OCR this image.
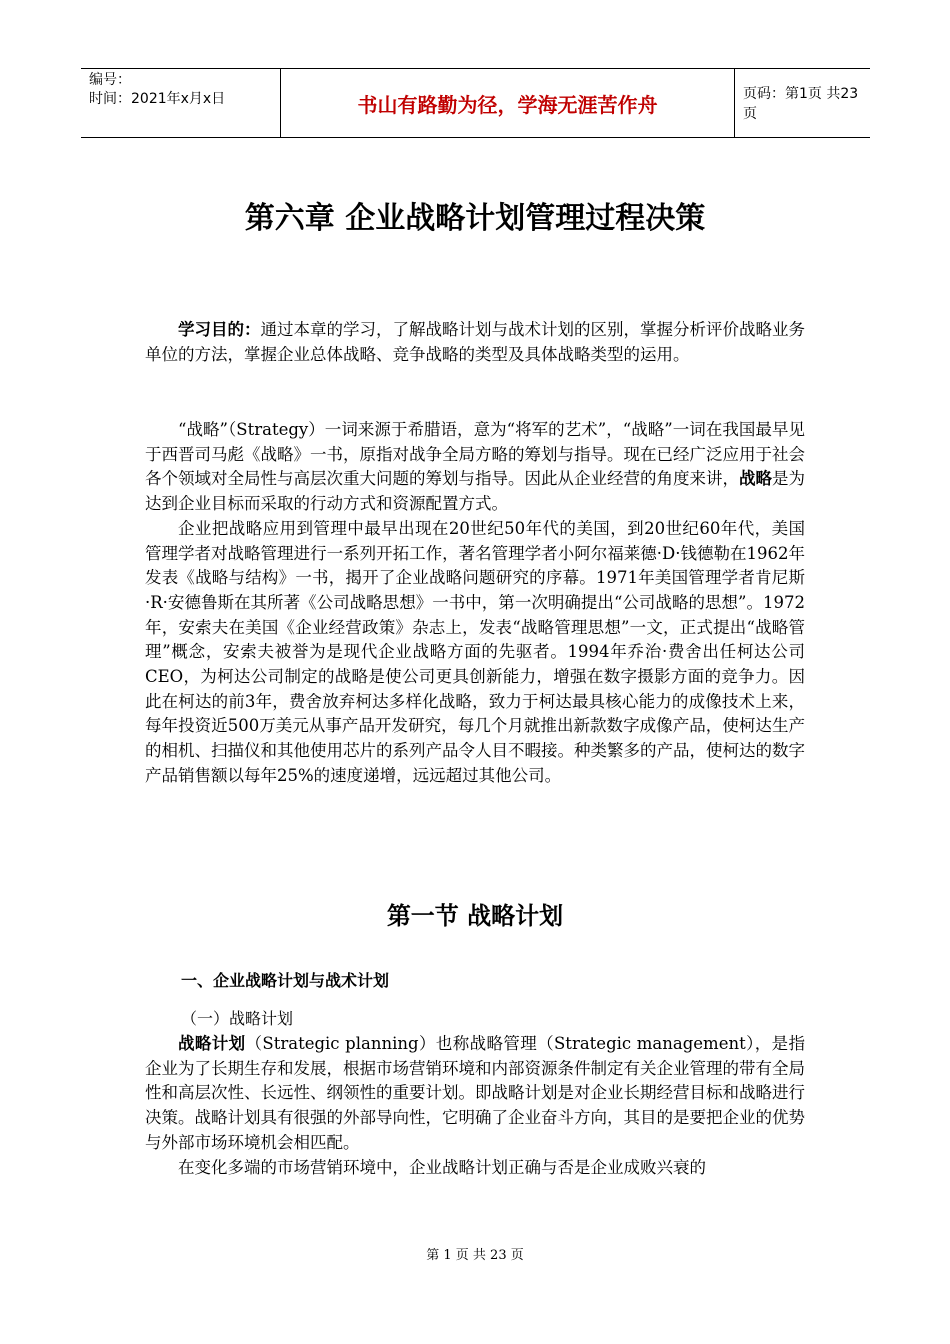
编号：
时间：2021年x月x日	书山有路勤为径，学海无涯苦作舟	页码：第1页 共23页
第六章 企业战略计划管理过程决策

学习目的：通过本章的学习，了解战略计划与战术计划的区别，掌握分析评价战略业务单位的方法，掌握企业总体战略、竞争战略的类型及具体战略类型的运用。

“战略”（Strategy）一词来源于希腊语，意为“将军的艺术”，“战略”一词在我国最早见于西晋司马彪《战略》一书，原指对战争全局方略的筹划与指导。现在已经广泛应用于社会各个领域对全局性与高层次重大问题的筹划与指导。因此从企业经营的角度来讲，战略是为达到企业目标而采取的行动方式和资源配置方式。

企业把战略应用到管理中最早出现在20世纪50年代的美国，到20世纪60年代，美国管理学者对战略管理进行一系列开拓工作，著名管理学者小阿尔福莱德·D·钱德勒在1962年发表《战略与结构》一书，揭开了企业战略问题研究的序幕。1971年美国管理学者肯尼斯·R·安德鲁斯在其所著《公司战略思想》一书中，第一次明确提出“公司战略的思想”。1972年，安索夫在美国《企业经营政策》杂志上，发表“战略管理思想”一文，正式提出“战略管理”概念，安索夫被誉为是现代企业战略方面的先驱者。1994年乔治·费舍出任柯达公司CEO，为柯达公司制定的战略是使公司更具创新能力，增强在数字摄影方面的竞争力。因此在柯达的前3年，费舍放弃柯达多样化战略，致力于柯达最具核心能力的成像技术上来，每年投资近500万美元从事产品开发研究，每几个月就推出新款数字成像产品，使柯达生产的相机、扫描仪和其他使用芯片的系列产品令人目不暇接。种类繁多的产品，使柯达的数字产品销售额以每年25%的速度递增，远远超过其他公司。

第一节 战略计划
一、企业战略计划与战术计划
（一）战略计划

战略计划（Strategic planning）也称战略管理（Strategic management），是指企业为了长期生存和发展，根据市场营销环境和内部资源条件制定有关企业管理的带有全局性和高层次性、长远性、纲领性的重要计划。即战略计划是对企业长期经营目标和战略进行决策。战略计划具有很强的外部导向性，它明确了企业奋斗方向，其目的是要把企业的优势与外部市场环境机会相匹配。

在变化多端的市场营销环境中，企业战略计划正确与否是企业成败兴衰的

第 1 页 共 23 页
